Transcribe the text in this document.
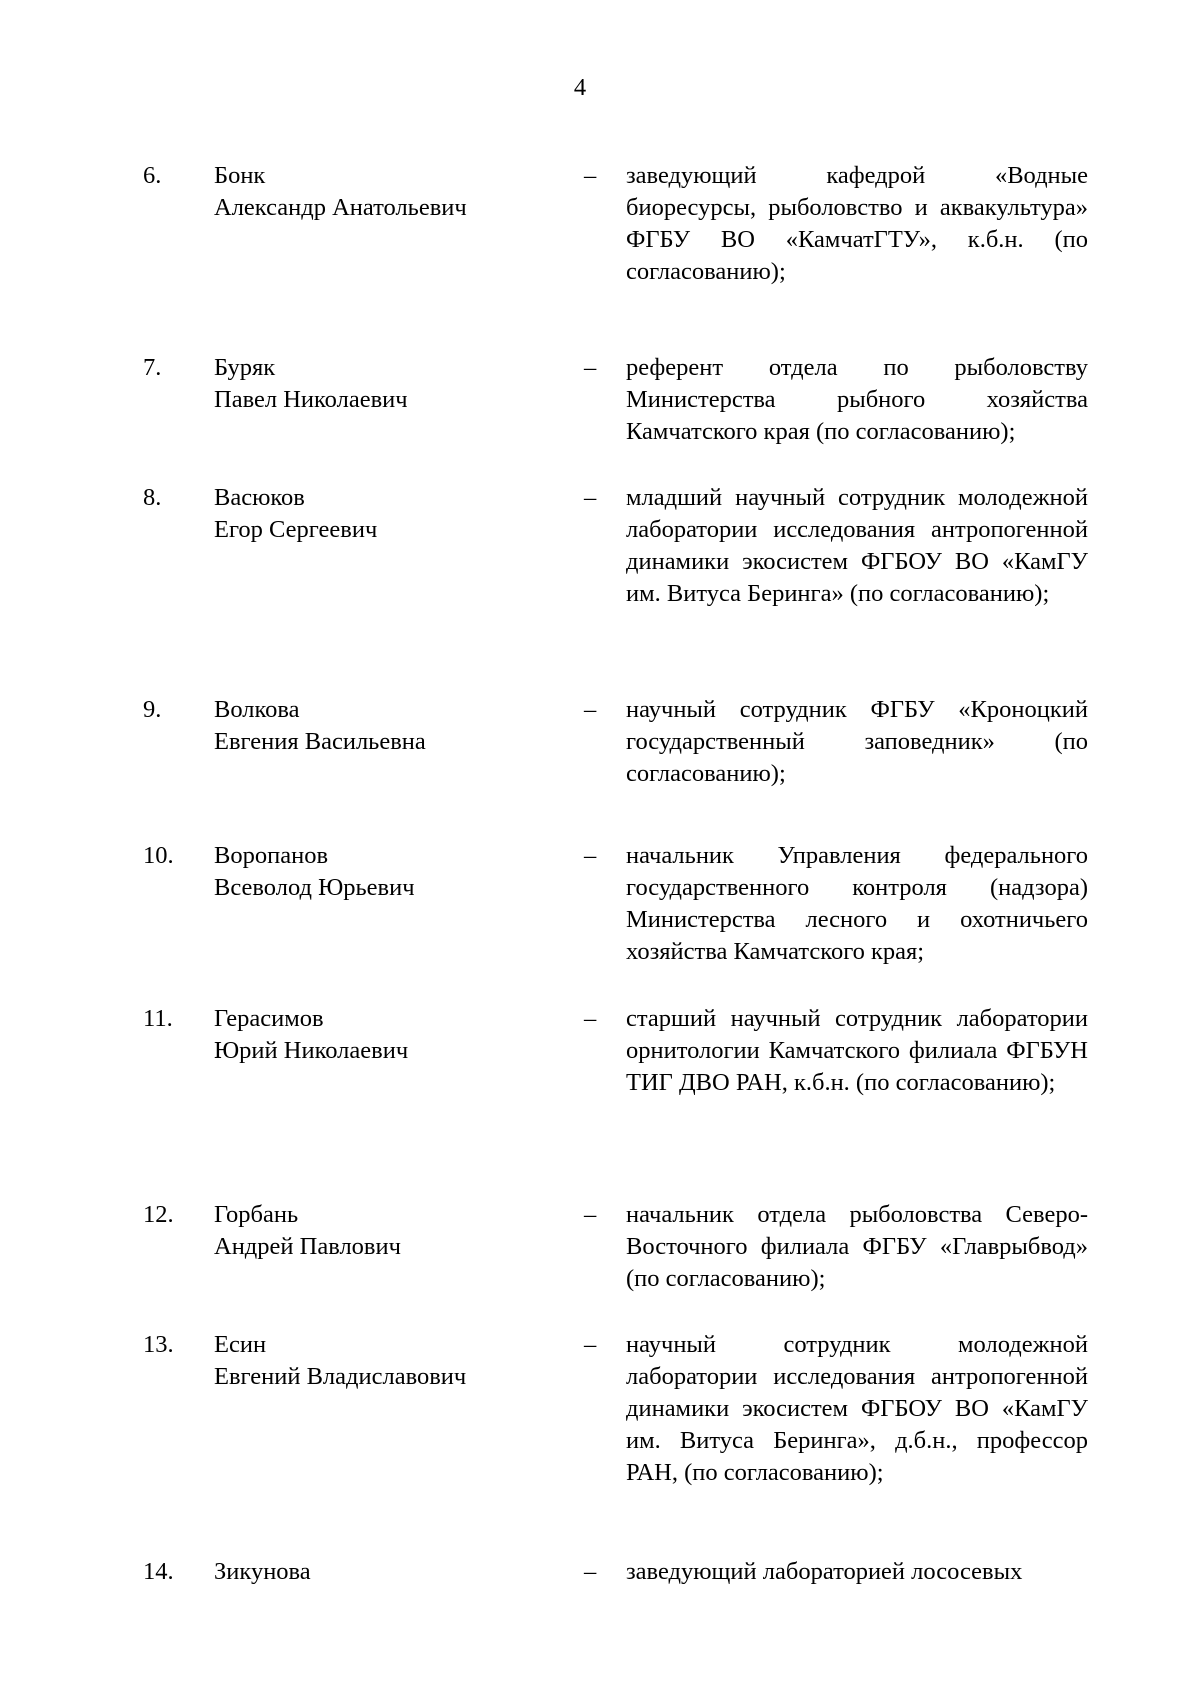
4
6. Бонк
Александр Анатольевич
– заведующий кафедрой «Водные биоресурсы, рыболовство и аквакультура» ФГБУ ВО «КамчатГТУ», к.б.н. (по согласованию);
7. Буряк
Павел Николаевич
– референт отдела по рыболовству Министерства рыбного хозяйства Камчатского края (по согласованию);
8. Васюков
Егор Сергеевич
– младший научный сотрудник молодежной лаборатории исследования антропогенной динамики экосистем ФГБОУ ВО «КамГУ им. Витуса Беринга» (по согласованию);
9. Волкова
Евгения Васильевна
– научный сотрудник ФГБУ «Кроноцкий государственный заповедник» (по согласованию);
10. Воропанов
Всеволод Юрьевич
– начальник Управления федерального государственного контроля (надзора) Министерства лесного и охотничьего хозяйства Камчатского края;
11. Герасимов
Юрий Николаевич
– старший научный сотрудник лаборатории орнитологии Камчатского филиала ФГБУН ТИГ ДВО РАН, к.б.н. (по согласованию);
12. Горбань
Андрей Павлович
– начальник отдела рыболовства Северо- Восточного филиала ФГБУ «Главрыбвод» (по согласованию);
13. Есин
Евгений Владиславович
– научный сотрудник молодежной лаборатории исследования антропогенной динамики экосистем ФГБОУ ВО «КамГУ им. Витуса Беринга», д.б.н., профессор РАН, (по согласованию);
14. Зикунова	– заведующий лабораторией лососевых
